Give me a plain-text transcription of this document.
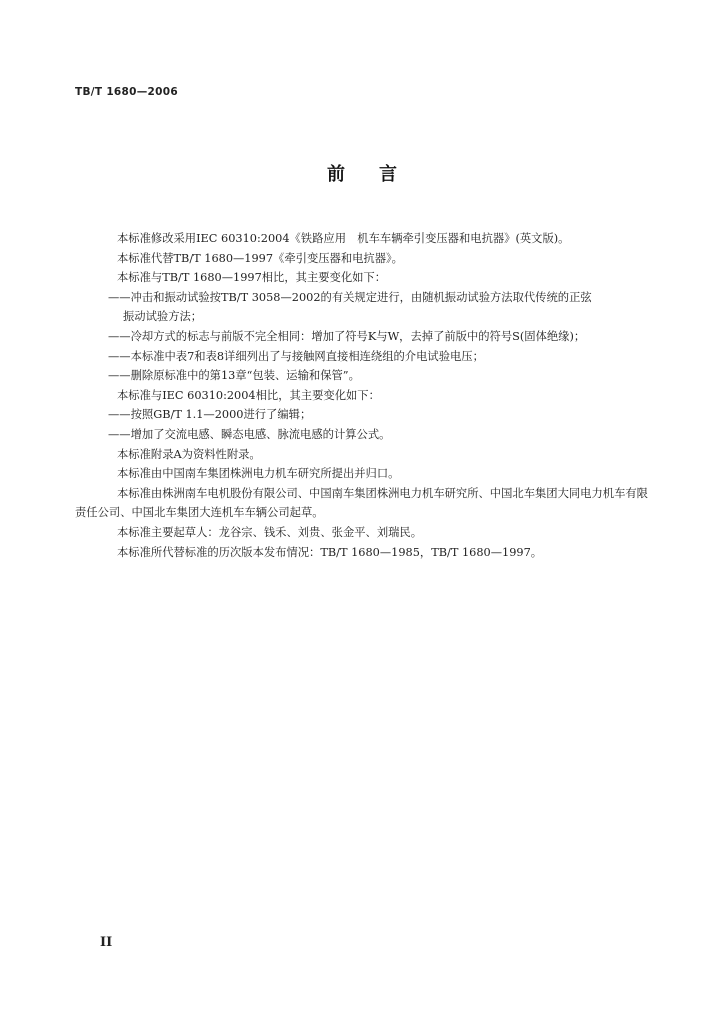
TB/T 1680—2006
前言

本标准修改采用IEC 60310:2004《铁路应用　机车车辆牵引变压器和电抗器》(英文版)。

本标准代替TB/T 1680—1997《牵引变压器和电抗器》。

本标准与TB/T 1680—1997相比，其主要变化如下：

——冲击和振动试验按TB/T 3058—2002的有关规定进行，由随机振动试验方法取代传统的正弦

振动试验方法；

——冷却方式的标志与前版不完全相同：增加了符号K与W，去掉了前版中的符号S(固体绝缘)；

——本标准中表7和表8详细列出了与接触网直接相连绕组的介电试验电压；

——删除原标准中的第13章“包装、运输和保管”。

本标准与IEC 60310:2004相比，其主要变化如下：

——按照GB/T 1.1—2000进行了编辑；

——增加了交流电感、瞬态电感、脉流电感的计算公式。

本标准附录A为资料性附录。

本标准由中国南车集团株洲电力机车研究所提出并归口。

本标准由株洲南车电机股份有限公司、中国南车集团株洲电力机车研究所、中国北车集团大同电力机车有限责任公司、中国北车集团大连机车车辆公司起草。

本标准主要起草人：龙谷宗、钱禾、刘贵、张金平、刘瑞民。

本标准所代替标准的历次版本发布情况：TB/T 1680—1985，TB/T 1680—1997。

II
